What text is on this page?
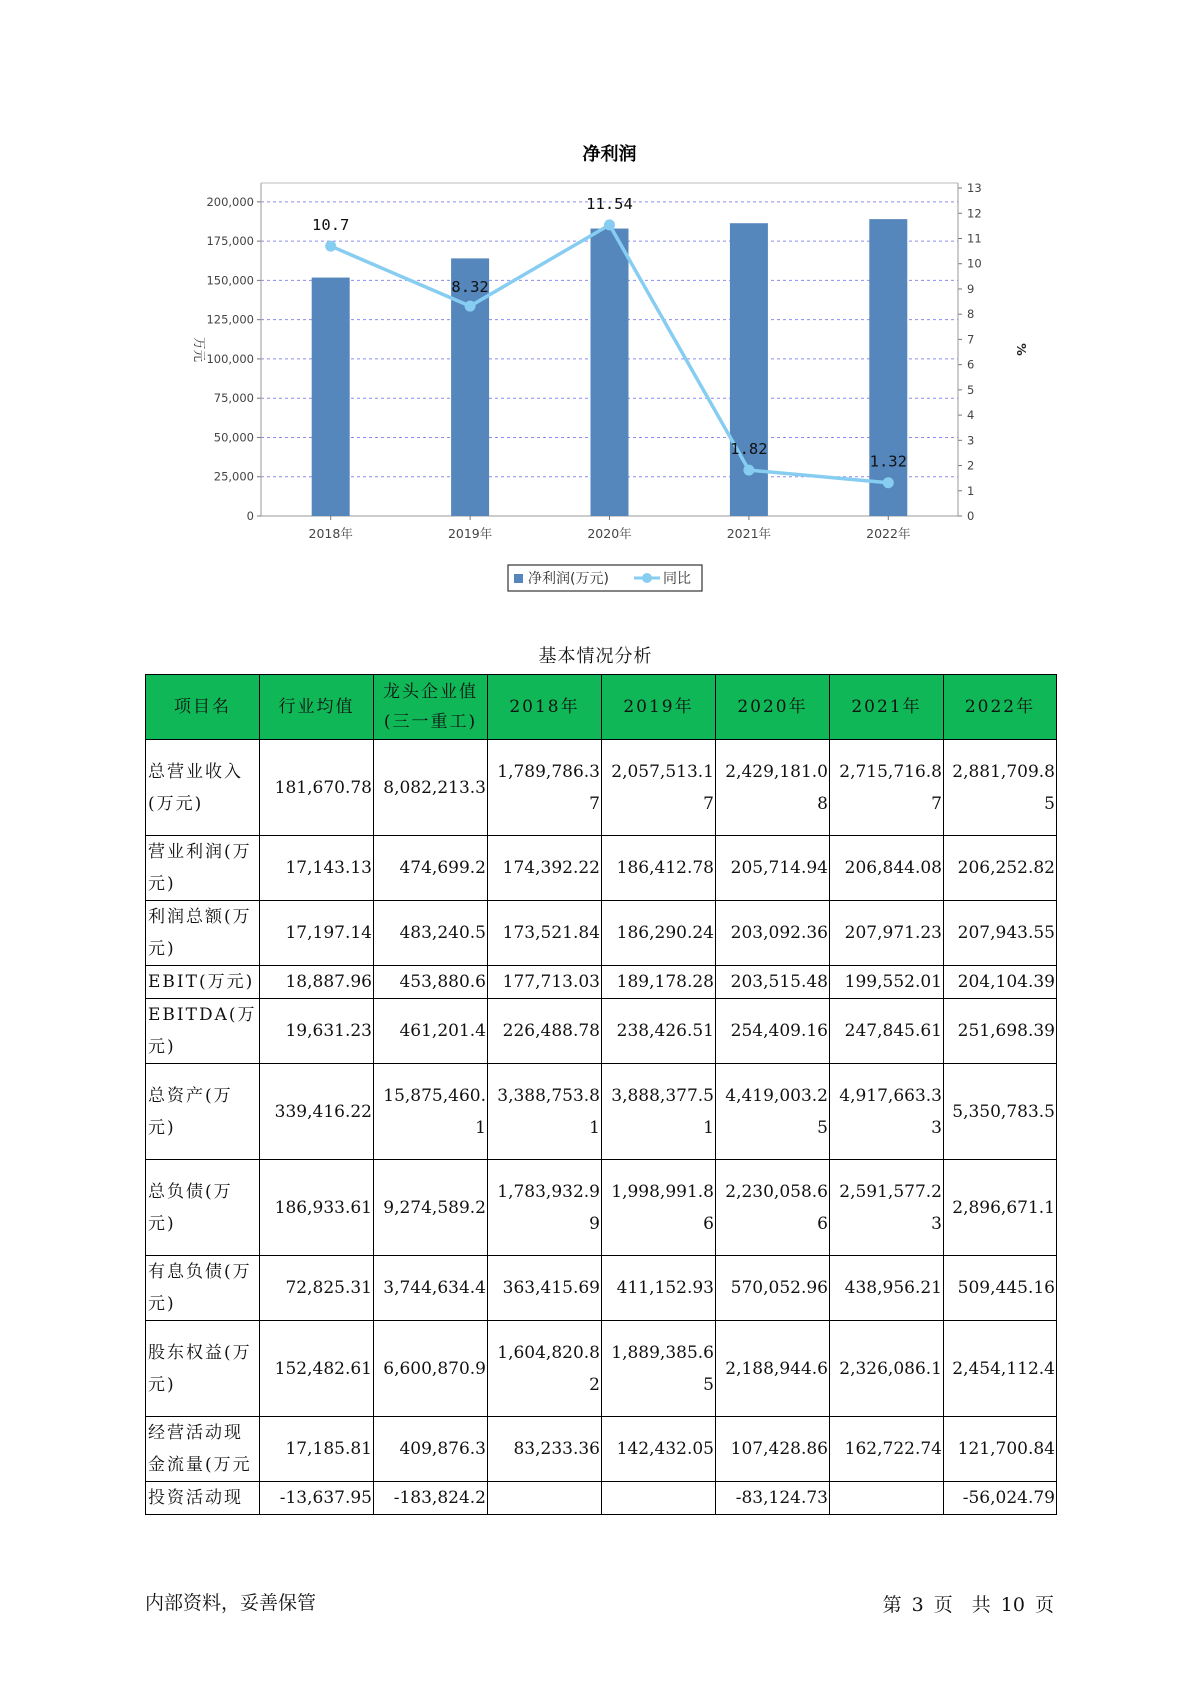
净利润
0
25,000
50,000
75,000
100,000
125,000
150,000
175,000
200,000
0
1
2
3
4
5
6
7
8
9
10
11
12
13
万元	%
2018年	2019年	2020年	2021年	2022年
10.7
8.32
11.54
1.82
1.32
净利润(万元)	同比
基本情况分析
项目名	行业均值	龙头企业值(三一重工)	2018年	2019年	2020年	2021年	2022年
总营业收入(万元)	181,670.78	8,082,213.3	1,789,786.37	2,057,513.17	2,429,181.08	2,715,716.87	2,881,709.85
营业利润(万元)	17,143.13	474,699.2	174,392.22	186,412.78	205,714.94	206,844.08	206,252.82
利润总额(万元)	17,197.14	483,240.5	173,521.84	186,290.24	203,092.36	207,971.23	207,943.55
EBIT(万元)	18,887.96	453,880.6	177,713.03	189,178.28	203,515.48	199,552.01	204,104.39
EBITDA(万元)	19,631.23	461,201.4	226,488.78	238,426.51	254,409.16	247,845.61	251,698.39
总资产(万元)	339,416.22	15,875,460.1	3,388,753.81	3,888,377.51	4,419,003.25	4,917,663.33	5,350,783.5
总负债(万元)	186,933.61	9,274,589.2	1,783,932.99	1,998,991.86	2,230,058.66	2,591,577.23	2,896,671.1
有息负债(万元)	72,825.31	3,744,634.4	363,415.69	411,152.93	570,052.96	438,956.21	509,445.16
股东权益(万元)	152,482.61	6,600,870.9	1,604,820.82	1,889,385.65	2,188,944.6	2,326,086.1	2,454,112.4
经营活动现金流量(万元	17,185.81	409,876.3	83,233.36	142,432.05	107,428.86	162,722.74	121,700.84
投资活动现	-13,637.95	-183,824.2			-83,124.73		-56,024.79
内部资料，妥善保管	第 3 页　共 10 页
